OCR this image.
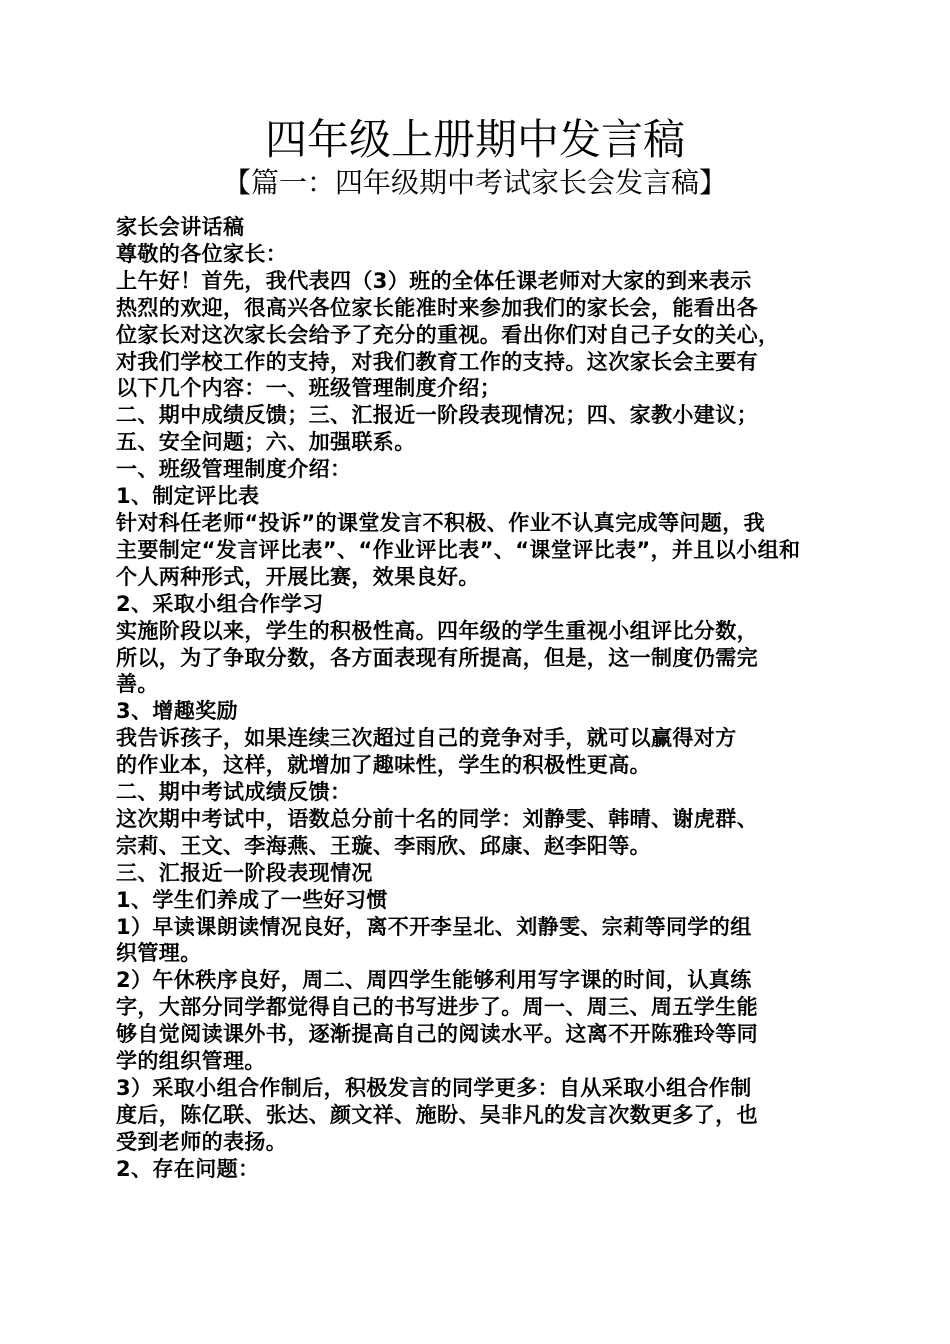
四年级上册期中发言稿
【篇一：四年级期中考试家长会发言稿】
家长会讲话稿
尊敬的各位家长：
上午好！首先，我代表四（3）班的全体任课老师对大家的到来表示
热烈的欢迎，很高兴各位家长能准时来参加我们的家长会，能看出各
位家长对这次家长会给予了充分的重视。看出你们对自己子女的关心，
对我们学校工作的支持，对我们教育工作的支持。这次家长会主要有
以下几个内容：一、班级管理制度介绍；
二、期中成绩反馈；三、汇报近一阶段表现情况；四、家教小建议；
五、安全问题；六、加强联系。
一、班级管理制度介绍：
1、制定评比表
针对科任老师“投诉”的课堂发言不积极、作业不认真完成等问题，我
主要制定“发言评比表”、“作业评比表”、“课堂评比表”，并且以小组和
个人两种形式，开展比赛，效果良好。
2、采取小组合作学习
实施阶段以来，学生的积极性高。四年级的学生重视小组评比分数，
所以，为了争取分数，各方面表现有所提高，但是，这一制度仍需完
善。
3、增趣奖励
我告诉孩子，如果连续三次超过自己的竞争对手，就可以赢得对方
的作业本，这样，就增加了趣味性，学生的积极性更高。
二、期中考试成绩反馈：
这次期中考试中，语数总分前十名的同学：刘静雯、韩晴、谢虎群、
宗莉、王文、李海燕、王璇、李雨欣、邱康、赵李阳等。
三、汇报近一阶段表现情况
1、学生们养成了一些好习惯
1）早读课朗读情况良好，离不开李呈北、刘静雯、宗莉等同学的组
织管理。
2）午休秩序良好，周二、周四学生能够利用写字课的时间，认真练
字，大部分同学都觉得自己的书写进步了。周一、周三、周五学生能
够自觉阅读课外书，逐渐提高自己的阅读水平。这离不开陈雅玲等同
学的组织管理。
3）采取小组合作制后，积极发言的同学更多：自从采取小组合作制
度后，陈亿联、张达、颜文祥、施盼、吴非凡的发言次数更多了，也
受到老师的表扬。
2、存在问题：
